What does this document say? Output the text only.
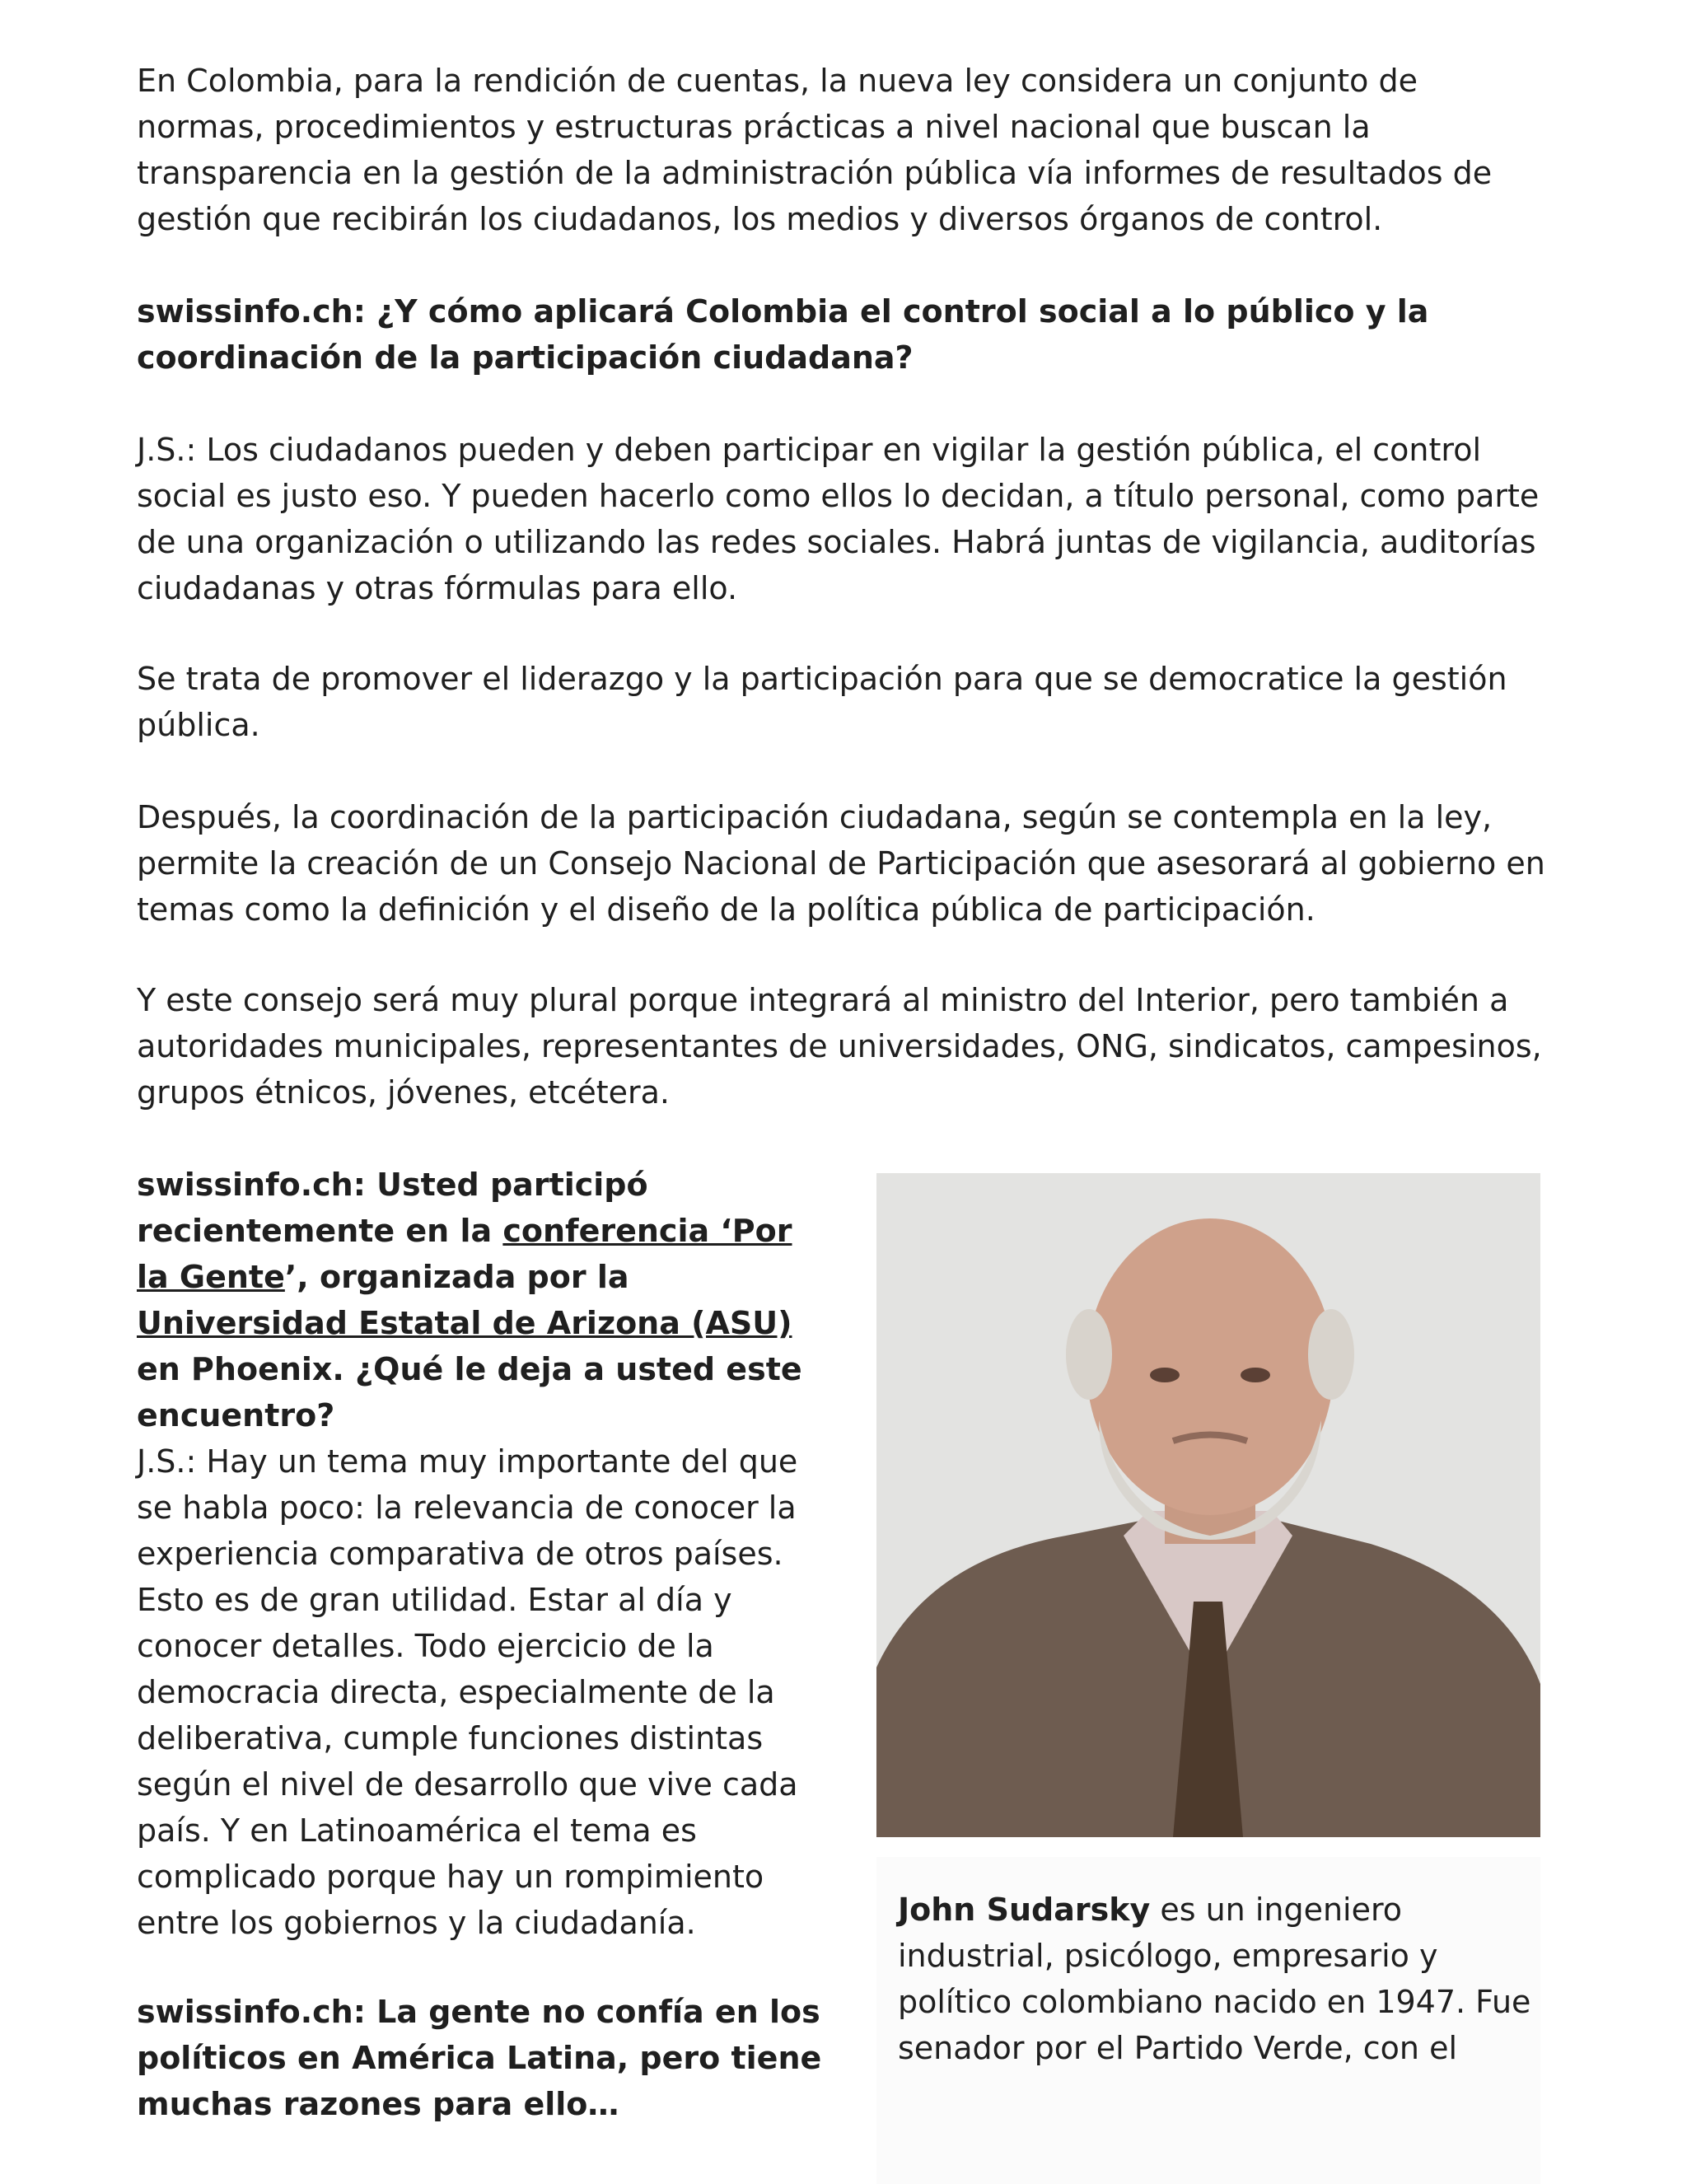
En Colombia, para la rendición de cuentas, la nueva ley considera un conjunto de normas, procedimientos y estructuras prácticas a nivel nacional que buscan la transparencia en la gestión de la administración pública vía informes de resultados de gestión que recibirán los ciudadanos, los medios y diversos órganos de control.

swissinfo.ch: ¿Y cómo aplicará Colombia el control social a lo público y la coordinación de la participación ciudadana?

J.S.: Los ciudadanos pueden y deben participar en vigilar la gestión pública, el control social es justo eso. Y pueden hacerlo como ellos lo decidan, a título personal, como parte de una organización o utilizando las redes sociales. Habrá juntas de vigilancia, auditorías ciudadanas y otras fórmulas para ello.

Se trata de promover el liderazgo y la participación para que se democratice la gestión pública.

Después, la coordinación de la participación ciudadana, según se contempla en la ley, permite la creación de un Consejo Nacional de Participación que asesorará al gobierno en temas como la definición y el diseño de la política pública de participación.

Y este consejo será muy plural porque integrará al ministro del Interior, pero también a autoridades municipales, representantes de universidades, ONG, sindicatos, campesinos, grupos étnicos, jóvenes, etcétera.

swissinfo.ch: Usted participó recientemente en la conferencia ‘Por la Gente’, organizada por la Universidad Estatal de Arizona (ASU) en Phoenix. ¿Qué le deja a usted este encuentro?

J.S.: Hay un tema muy importante del que se habla poco: la relevancia de conocer la experiencia comparativa de otros países. Esto es de gran utilidad. Estar al día y conocer detalles. Todo ejercicio de la democracia directa, especialmente de la deliberativa, cumple funciones distintas según el nivel de desarrollo que vive cada país. Y en Latinoamérica el tema es complicado porque hay un rompimiento entre los gobiernos y la ciudadanía.

swissinfo.ch: La gente no confía en los políticos en América Latina, pero tiene muchas razones para ello…

John Sudarsky es un ingeniero industrial, psicólogo, empresario y político colombiano nacido en 1947. Fue senador por el Partido Verde, con el
